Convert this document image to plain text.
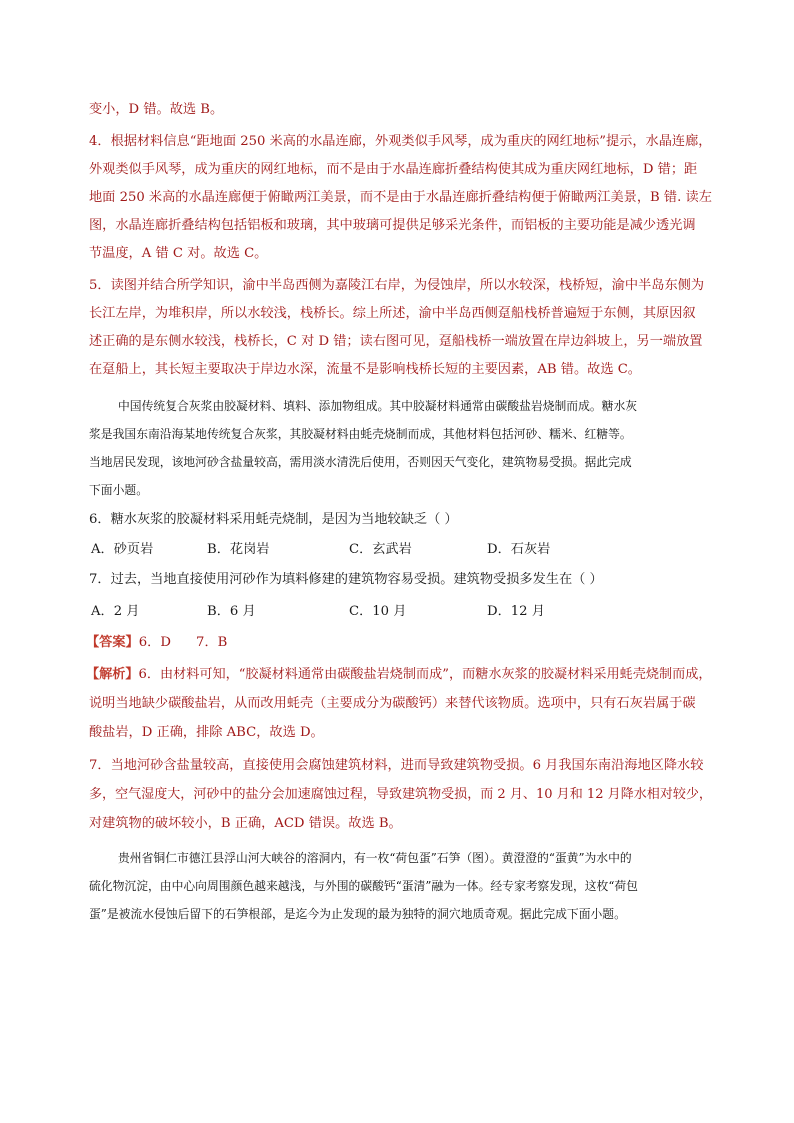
变小，D 错。故选 B。
4．根据材料信息“距地面 250 米高的水晶连廊，外观类似手风琴，成为重庆的网红地标”提示，水晶连廊，
外观类似手风琴，成为重庆的网红地标，而不是由于水晶连廊折叠结构使其成为重庆网红地标，D 错；距
地面 250 米高的水晶连廊便于俯瞰两江美景，而不是由于水晶连廊折叠结构便于俯瞰两江美景，B 错. 读左
图，水晶连廊折叠结构包括铝板和玻璃，其中玻璃可提供足够采光条件，而铝板的主要功能是减少透光调
节温度，A 错 C 对。故选 C。
5．读图并结合所学知识，渝中半岛西侧为嘉陵江右岸，为侵蚀岸，所以水较深，栈桥短，渝中半岛东侧为
长江左岸，为堆积岸，所以水较浅，栈桥长。综上所述，渝中半岛西侧趸船栈桥普遍短于东侧，其原因叙
述正确的是东侧水较浅，栈桥长，C 对 D 错；读右图可见，趸船栈桥一端放置在岸边斜坡上，另一端放置
在趸船上，其长短主要取决于岸边水深，流量不是影响栈桥长短的主要因素，AB 错。故选 C。
中国传统复合灰浆由胶凝材料、填料、添加物组成。其中胶凝材料通常由碳酸盐岩烧制而成。糖水灰
浆是我国东南沿海某地传统复合灰浆，其胶凝材料由蚝壳烧制而成，其他材料包括河砂、糯米、红糖等。
当地居民发现，该地河砂含盐量较高，需用淡水清洗后使用，否则因天气变化，建筑物易受损。据此完成
下面小题。
6．糖水灰浆的胶凝材料采用蚝壳烧制，是因为当地较缺乏（ ）
A．砂页岩	B．花岗岩	C．玄武岩	D．石灰岩
7．过去，当地直接使用河砂作为填料修建的建筑物容易受损。建筑物受损多发生在（ ）
A．2 月	B．6 月	C．10 月	D．12 月
【答案】6．D      7．B
【解析】6．由材料可知，“胶凝材料通常由碳酸盐岩烧制而成”，而糖水灰浆的胶凝材料采用蚝壳烧制而成，
说明当地缺少碳酸盐岩，从而改用蚝壳（主要成分为碳酸钙）来替代该物质。选项中，只有石灰岩属于碳
酸盐岩，D 正确，排除 ABC，故选 D。
7．当地河砂含盐量较高，直接使用会腐蚀建筑材料，进而导致建筑物受损。6 月我国东南沿海地区降水较
多，空气湿度大，河砂中的盐分会加速腐蚀过程，导致建筑物受损，而 2 月、10 月和 12 月降水相对较少，
对建筑物的破坏较小，B 正确，ACD 错误。故选 B。
贵州省铜仁市德江县浮山河大峡谷的溶洞内，有一枚“荷包蛋”石笋（图）。黄澄澄的“蛋黄”为水中的
硫化物沉淀，由中心向周围颜色越来越浅，与外围的碳酸钙“蛋清”融为一体。经专家考察发现，这枚“荷包
蛋”是被流水侵蚀后留下的石笋根部，是迄今为止发现的最为独特的洞穴地质奇观。据此完成下面小题。
